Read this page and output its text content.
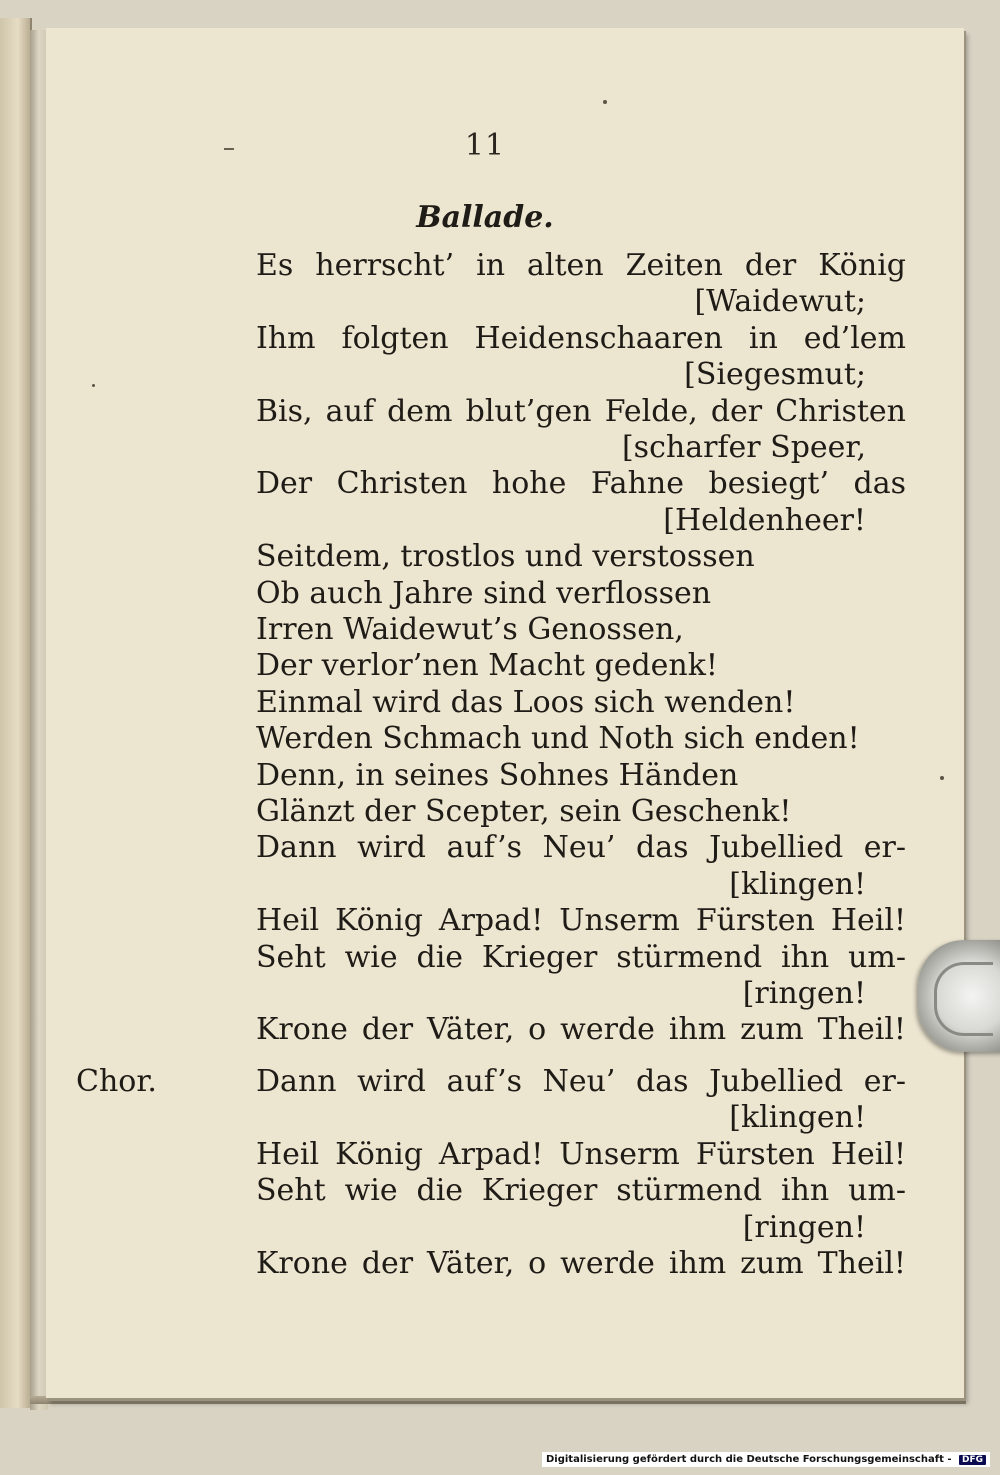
11
Ballade.
Es herrscht’ in alten Zeiten der König
[Waidewut;
Ihm folgten Heidenschaaren in ed’lem
[Siegesmut;
Bis, auf dem blut’gen Felde, der Christen
[scharfer Speer,
Der Christen hohe Fahne besiegt’ das
[Heldenheer!
Seitdem, trostlos und verstossen
Ob auch Jahre sind verflossen
Irren Waidewut’s Genossen,
Der verlor’nen Macht gedenk!
Einmal wird das Loos sich wenden!
Werden Schmach und Noth sich enden!
Denn, in seines Sohnes Händen
Glänzt der Scepter, sein Geschenk!
Dann wird auf’s Neu’ das Jubellied er-
[klingen!
Heil König Arpad! Unserm Fürsten Heil!
Seht wie die Krieger stürmend ihn um-
[ringen!
Krone der Väter, o werde ihm zum Theil!
Chor.	Dann wird auf’s Neu’ das Jubellied er-
[klingen!
Heil König Arpad! Unserm Fürsten Heil!
Seht wie die Krieger stürmend ihn um-
[ringen!
Krone der Väter, o werde ihm zum Theil!
Digitalisierung gefördert durch die Deutsche Forschungsgemeinschaft - DFG
